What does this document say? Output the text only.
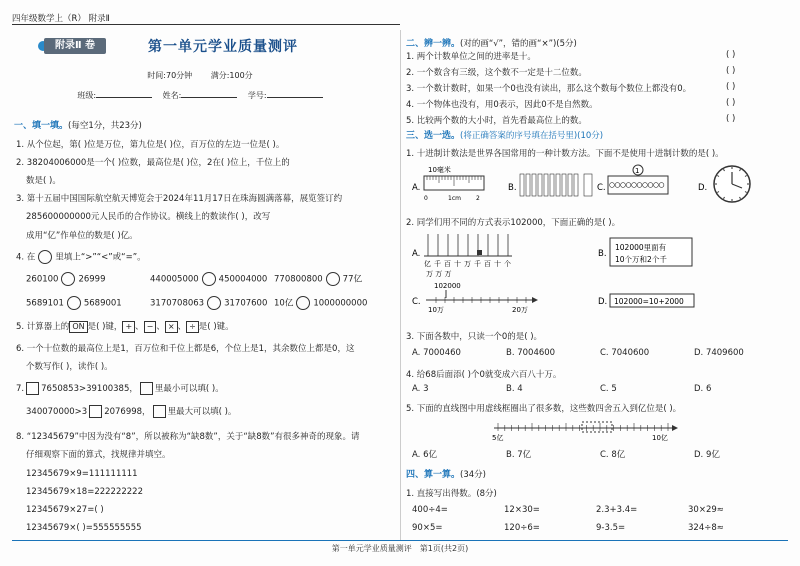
四年级数学上（R） 附录Ⅱ
附录Ⅱ 卷	第一单元学业质量测评
时间:70分钟　　 满分:100分
班级:　	姓名:　	学号:
一、填一填。(每空1分，共23分)
1. 从个位起，第( )位是万位，第九位是( )位，百万位的左边一位是( )。
2. 38204006000是一个( )位数，最高位是( )位，2在( )位上，千位上的
数是( )。
3. 第十五届中国国际航空航天博览会于2024年11月17日在珠海圆满落幕，展览签订约
285600000000元人民币的合作协议。横线上的数读作( )，改写
成用“亿”作单位的数是( )亿。
4. 在 里填上“>”“<”或“=”。
5. 计算器上的 ON 是( )键， + 、 − 、 × 、 ÷ 是( )键。
6. 一个十位数的最高位上是1，百万位和千位上都是6，个位上是1，其余数位上都是0，这
个数写作( )，读作( )。
7. 7650853>39100385， 里最小可以填( )。
340070000>3 2076998， 里最大可以填( )。
8. “12345679”中因为没有“8”，所以被称为“缺8数”，关于“缺8数”有很多神奇的现象。请
仔细观察下面的算式，找规律并填空。
12345679×9=111111111
12345679×18=222222222
12345679×27=( )
12345679×( )=555555555
二、辨一辨。(对的画“√”，错的画“×”)(5分)
三、选一选。(将正确答案的序号填在括号里)(10分)
1. 十进制计数法是世界各国常用的一种计数方法。下面不是使用十进制计数的是( )。
A.
10毫米
0	1cm	2
B.	C.
1
D.
2. 同学们用不同的方式表示102000，下面正确的是( )。
A.
亿 千 百 十 万 千 百 十 个
万 万 万
B.
102000里面有
10个万和2个千
C.
102000
10万	20万
D. 102000=10+2000
3. 下面各数中，只读一个0的是( )。
4. 给68后面添( )个0就变成六百八十万。
5. 下面的直线图中用虚线框圈出了很多数，这些数四舍五入到亿位是( )。
5亿	10亿
四、算一算。(34分)
1. 直接写出得数。(8分)
第一单元学业质量测评　第1页(共2页)
260100 26999	440005000 450004000 770800800 77亿
5689101 5689001	3170708063 31707600 10亿 1000000000
1. 两个计数单位之间的进率是十。	( )
2. 一个数含有三级，这个数不一定是十二位数。	( )
3. 一个数计数时，如果一个0也没有读出，那么这个数每个数位上都没有0。	( )
4. 一个物体也没有，用0表示，因此0不是自然数。	( )
5. 比较两个数的大小时，首先看最高位上的数。	( )
A. 7000460	B. 7004600	C. 7040600	D. 7409600
A. 3	B. 4	C. 5	D. 6
A. 6亿	B. 7亿	C. 8亿	D. 9亿
400÷4=	12×30=	2.3+3.4=	30×29≈
90×5=	120÷6=	9-3.5=	324÷8≈
